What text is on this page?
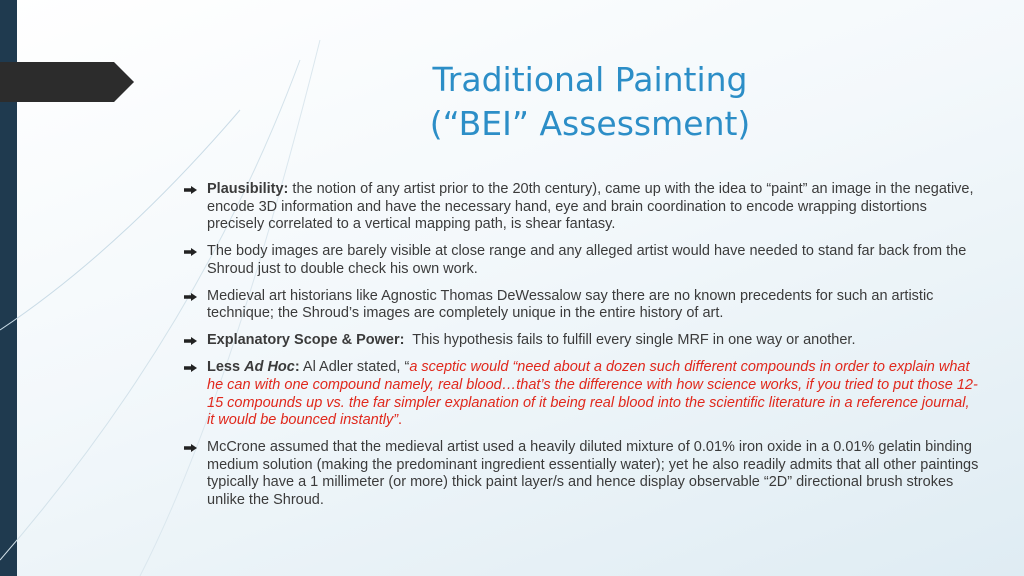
Traditional Painting
(“BEI” Assessment)
Plausibility: the notion of any artist prior to the 20th century), came up with the idea to “paint” an image in the negative, encode 3D information and have the necessary hand, eye and brain coordination to encode wrapping distortions precisely correlated to a vertical mapping path, is shear fantasy.
The body images are barely visible at close range and any alleged artist would have needed to stand far back from the Shroud just to double check his own work.
Medieval art historians like Agnostic Thomas DeWessalow say there are no known precedents for such an artistic technique; the Shroud’s images are completely unique in the entire history of art.
Explanatory Scope & Power:  This hypothesis fails to fulfill every single MRF in one way or another.
Less Ad Hoc: Al Adler stated, “a sceptic would “need about a dozen such different compounds in order to explain what he can with one compound namely, real blood…that’s the difference with how science works, if you tried to put those 12-15 compounds up vs. the far simpler explanation of it being real blood into the scientific literature in a reference journal, it would be bounced instantly”.
McCrone assumed that the medieval artist used a heavily diluted mixture of 0.01% iron oxide in a 0.01% gelatin binding medium solution (making the predominant ingredient essentially water); yet he also readily admits that all other paintings typically have a 1 millimeter (or more) thick paint layer/s and hence display observable “2D” directional brush strokes unlike the Shroud.
